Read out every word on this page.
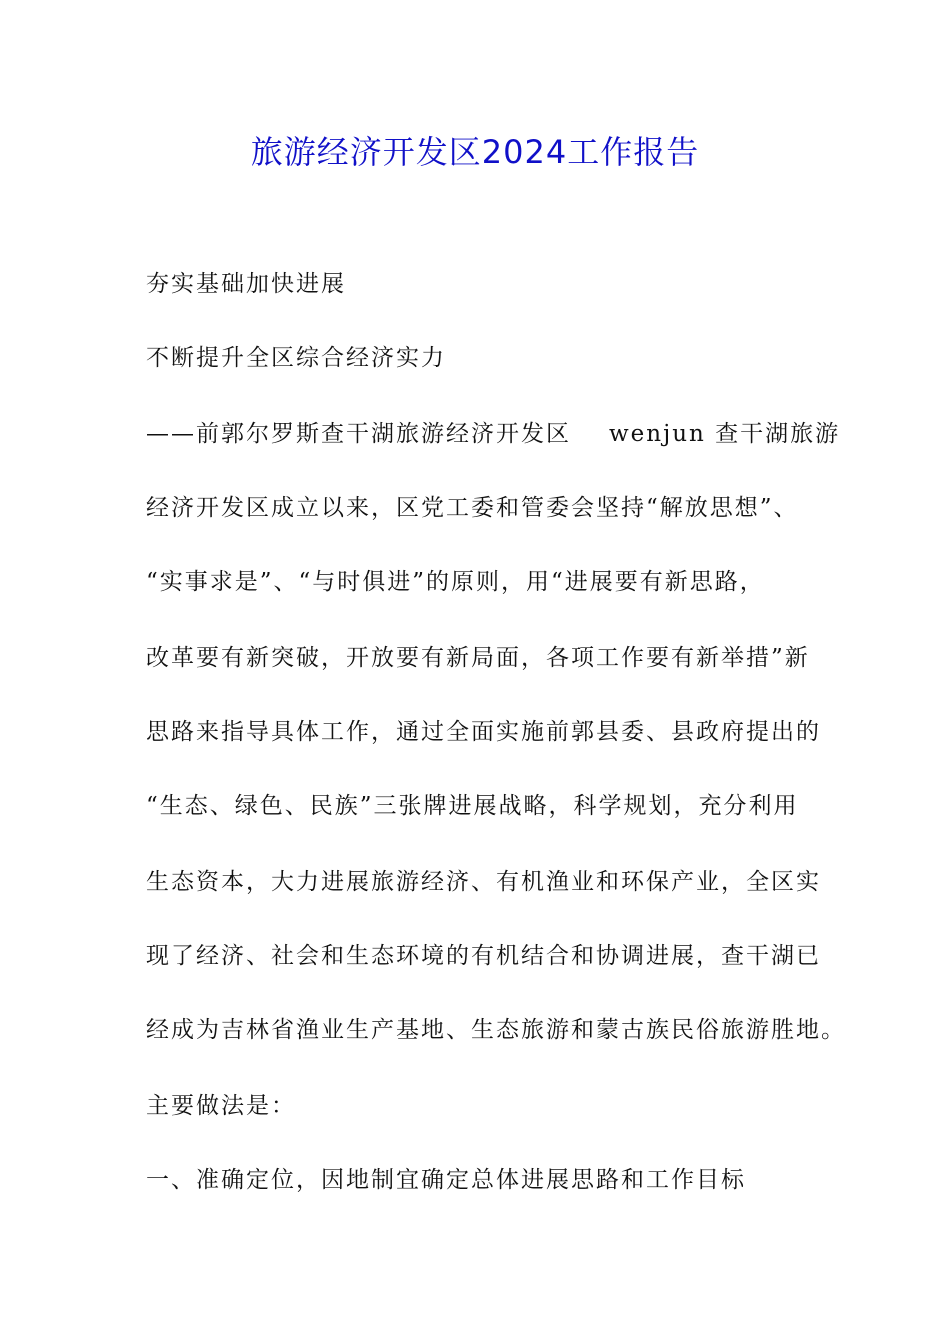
旅游经济开发区2024工作报告

夯实基础加快进展

不断提升全区综合经济实力

——前郭尔罗斯查干湖旅游经济开发区 wenjun 查干湖旅游

经济开发区成立以来，区党工委和管委会坚持“解放思想”、

“实事求是”、“与时俱进”的原则，用“进展要有新思路，

改革要有新突破，开放要有新局面，各项工作要有新举措”新

思路来指导具体工作，通过全面实施前郭县委、县政府提出的

“生态、绿色、民族”三张牌进展战略，科学规划，充分利用

生态资本，大力进展旅游经济、有机渔业和环保产业，全区实

现了经济、社会和生态环境的有机结合和协调进展，查干湖已

经成为吉林省渔业生产基地、生态旅游和蒙古族民俗旅游胜地。

主要做法是：

一、准确定位，因地制宜确定总体进展思路和工作目标
